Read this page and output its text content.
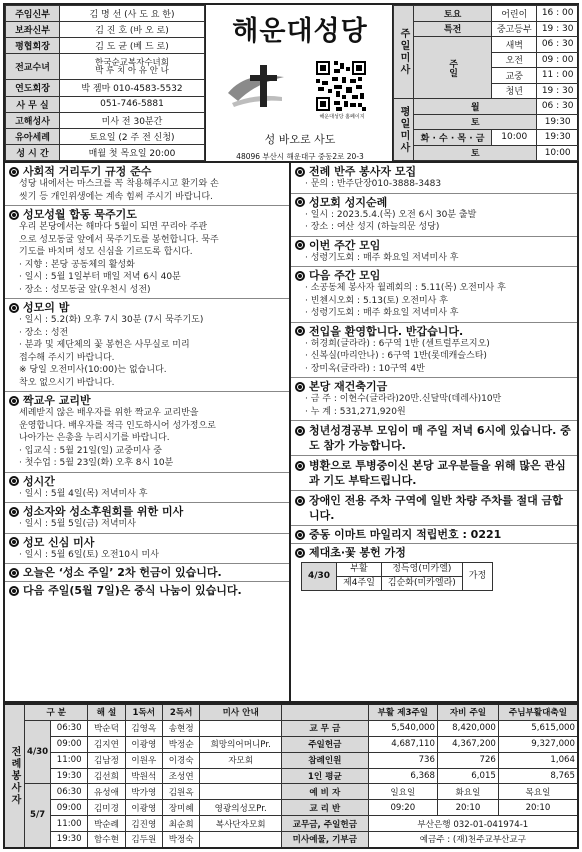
주임신부	김 명 선 (사 도 요 한)
보좌신부	김 진 호 (바 오 로)
평협회장	김 도 균 (베 드 로)
전교수녀	한국순교복자수녀회
박 루 치 아 유 안 나

연도회장	박 젬마 010-4583-5532
사 무 실	051-746-5881
고해성사	미사 전 30분간
유아세례	토요일 (2 주 전 신청)
성 시 간	매월 첫 목요일 20:00
해운대성당
해운대성당 홈페이지
성 바오로 사도
48096 부산시 해운대구 중동2로 20-3
주일미사	토요	어린이	16 : 00
	특전	중고등부	19 : 30
	주일	새벽	06 : 30
		오전	09 : 00
		교중	11 : 00
		청년	19 : 30
평일미사	월		06 : 30
	토		19:30
	화 · 수 · 목 · 금	10:00	19:30
	토		10:00
사회적 거리두기 규정 준수
성당 내에서는 마스크를 꼭 착용해주시고 환기와 손
씻기 등 개인위생에는 계속 힘써 주시기 바랍니다.
성모성월 합동 묵주기도
우리 본당에서는 해마다 5월이 되면 꾸리아 주관
으로 성모동굴 앞에서 묵주기도를 봉헌합니다. 묵주
기도를 바치며 성모 신심을 기르도록 합시다.
· 지향 : 본당 공동체의 활성화
· 일시 : 5월 1일부터 매일 저녁 6시 40분
· 장소 : 성모동굴 앞(우천시 성전)
성모의 밤
· 일시 : 5.2(화) 오후 7시 30분 (7시 묵주기도)
· 장소 : 성전
· 분과 및 제단체의 꽃 봉헌은 사무실로 미리
접수해 주시기 바랍니다.
※ 당일 오전미사(10:00)는 없습니다.
착오 없으시기 바랍니다.
짝교우 교리반
세례받지 않은 배우자를 위한 짝교우 교리반을
운영합니다. 배우자를 적극 인도하시어 성가정으로
나아가는 은총을 누리시기를 바랍니다.
· 입교식 : 5월 21일(일) 교중미사 중
· 첫수업 : 5월 23일(화) 오후 8시 10분
성시간
· 일시 : 5월 4일(목) 저녁미사 후
성소자와 성소후원회를 위한 미사
· 일시 : 5월 5일(금) 저녁미사
성모 신심 미사
· 일시 : 5월 6일(토) 오전10시 미사
오늘은 ‘성소 주일’ 2차 헌금이 있습니다.
다음 주일(5월 7일)은 중식 나눔이 있습니다.
전례 반주 봉사자 모집
· 문의 : 반주단장010-3888-3483
성모회 성지순례
· 일시 : 2023.5.4.(목) 오전 6시 30분 출발
· 장소 : 여산 성지 (하늘의문 성당)
이번 주간 모임
· 성령기도회 : 매주 화요일 저녁미사 후
다음 주간 모임
· 소공동체 봉사자 월례회의 : 5.11(목) 오전미사 후
· 빈첸시오회 : 5.13(토) 오전미사 후
· 성령기도회 : 매주 화요일 저녁미사 후
전입을 환영합니다. 반갑습니다.
· 허경희(글라라) : 6구역 1반 (센트럴푸르지오)
· 신복실(마리안나) : 6구역 1반(롯데캐슬스타)
· 장미옥(글라라) : 10구역 4반
본당 재건축기금
· 금 주 : 이현수(글라라)20만.신달막(데레사)10만
· 누 계 : 531,271,920원
청년성경공부 모임이 매 주일 저녁 6시에 있습니다. 중도 참가 가능합니다.
병환으로 투병중이신 본당 교우분들을 위해 많은 관심과 기도 부탁드립니다.
장애인 전용 주차 구역에 일반 차량 주차를 절대 금합니다.
중동 이마트 마일리지 적립번호 : 0221
제대초·꽃 봉헌 가정
4/30	부활	정득영(미카엘)	가정
	제4주일	김순화(미카엘라)	
전례봉사자	구 분		해 설	1독서	2독서	미사 안내		부활 제3주일	자비 주일	주님부활대축일
	4/30	06:30	박순덕	김영옥	송현정		교 무 금	5,540,000	8,420,000	5,615,000
		09:00	김지연	이광영	박정순	희망의어머니Pr.	주일헌금	4,687,110	4,367,200	9,327,000
		11:00	김남정	이원우	이경숙	자모회	참례인원	736	726	1,064
		19:30	김선희	박원석	조성연		1인 평균	6,368	6,015	8,765
	5/7	06:30	유성애	박가영	김원옥		예 비 자	일요일	화요일	목요일
		09:00	김미경	이광영	장미혜	영광의성모Pr.	교 리 반	09:20	20:10	20:10
		11:00	박순례	김진영	최순희	복사단자모회	교무금, 주일헌금	부산은행 032-01-041974-1		
		19:30	함수현	김두원	박정숙		미사예물, 기부금	예금주 : (재)천주교부산교구		
